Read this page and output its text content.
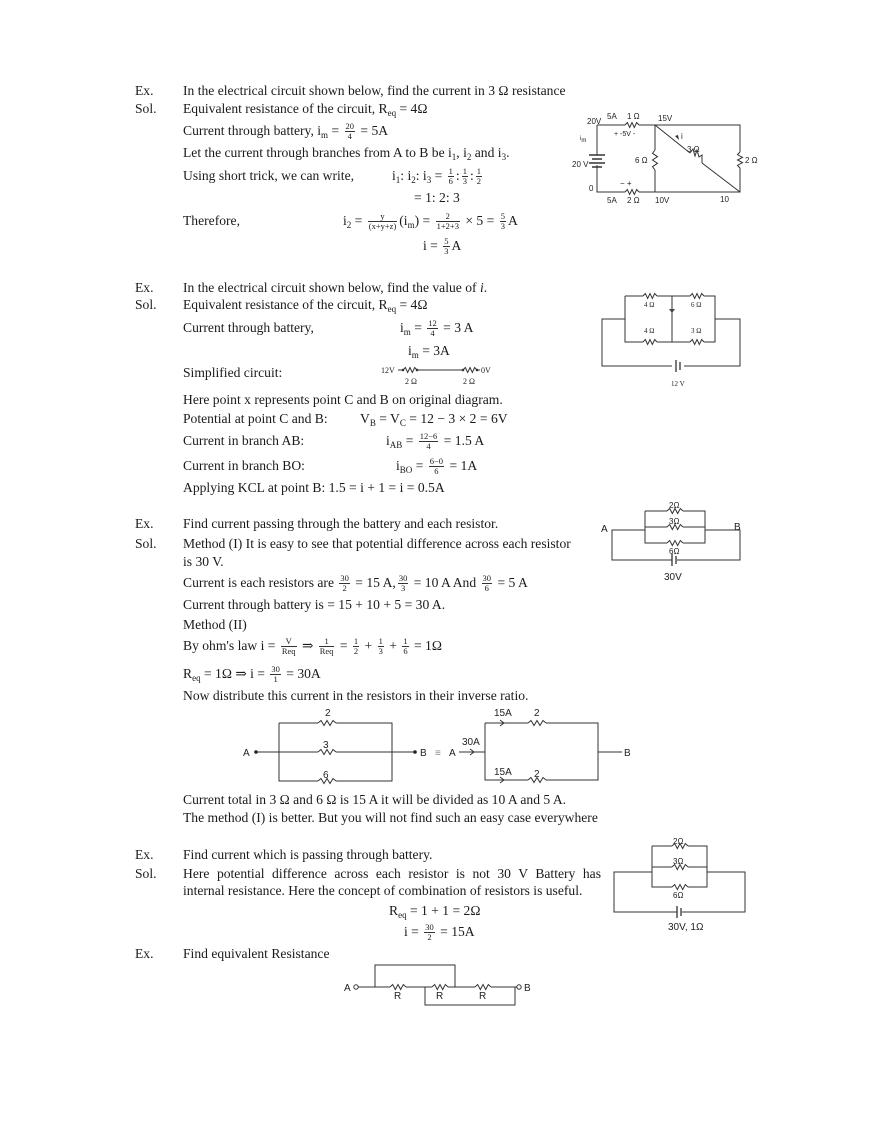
Ex. In the electrical circuit shown below, find the current in 3 Ω resistance
Sol. Equivalent resistance of the circuit, $R_{eq} = 4\Omega$
Current through battery, $i_m = \frac{20}{4} = 5A$
Let the current through branches from A to B be $i_1$, $i_2$ and $i_3$.
Using short trick, we can write,	$i_1$: $i_2$: $i_3 = \frac{1}{6}$ : $\frac{1}{3}$ : $\frac{1}{2}$
= 1: 2: 3
Therefore,	$i_2 = \frac{y}{(x+y+z)} (i_m) = \frac{2}{1+2+3} \times 5 = \frac{5}{3}$ A
$i = \frac{5}{3}$ A
Ex. In the electrical circuit shown below, find the value of i.
Sol. Equivalent resistance of the circuit, $R_{eq} = 4\Omega$
Current through battery,	$i_m = \frac{12}{4} = 3$ A
$i_m = 3A$
Simplified circuit:
Here point x represents point C and B on original diagram.
Potential at point C and B: $V_B = V_C = 12 - 3 \times 2 = 6V$
Current in branch AB:	$i_{AB} = \frac{12-6}{4} = 1.5$ A
Current in branch BO:	$i_{BO} = \frac{6-0}{6} = 1A$
Applying KCL at point B: 1.5 = i + 1 = i = 0.5A
Ex. Find current passing through the battery and each resistor.
Sol. Method (I) It is easy to see that potential difference across each resistor
is 30 V.
Current is each resistors are $\frac{30}{2} = 15$ A, $\frac{30}{3} = 10$ A And $\frac{30}{6} = 5$ A
Current through battery is = 15 + 10 + 5 = 30 A.
Method (II)
By ohm's law $i = \frac{V}{\text{Req}}$ ⇒ $\frac{1}{\text{Req}} = \frac{1}{2} + \frac{1}{3} + \frac{1}{6} = 1\Omega$
$R_{eq} = 1\Omega$ ⇒ $i = \frac{30}{1} = 30A$
Now distribute this current in the resistors in their inverse ratio.
Current total in 3 Ω and 6 Ω is 15 A it will be divided as 10 A and 5 A.
The method (I) is better. But you will not find such an easy case everywhere
Ex. Find current which is passing through battery.
Sol. Here potential difference across each resistor is not 30 V Battery has
internal resistance. Here the concept of combination of resistors is useful.
$R_{eq} = 1 + 1 = 2\Omega$
$i = \frac{30}{2} = 15A$
Ex. Find equivalent Resistance
20V
5A 1 Ω 15V
+ -5V -
im	i
3 Ω
6 Ω	2 Ω
20 V
0
− +
5A 2 Ω 10V	10
12V	0V
2 Ω	2 Ω
4 Ω	6 Ω
4 Ω	3 Ω
12 V
A	B
2Ω
3Ω
6Ω
30V
A	B
2
3
6
≡ A
30A
15A 2
15A 2
B
2Ω
3Ω
6Ω
30V, 1Ω
A	B
R	R	R
